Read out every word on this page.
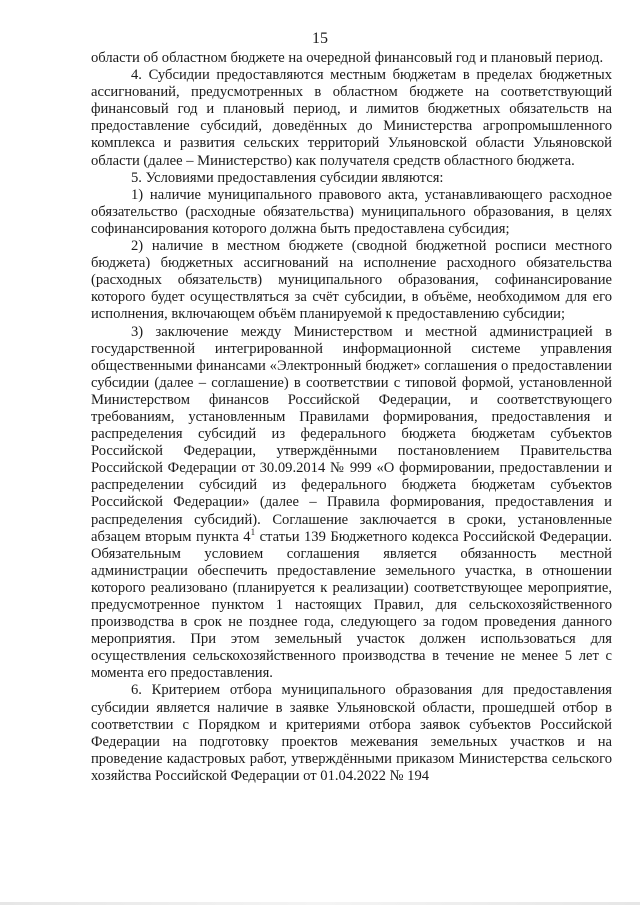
15

области об областном бюджете на очередной финансовый год и плановый период.

4. Субсидии предоставляются местным бюджетам в пределах бюджетных ассигнований, предусмотренных в областном бюджете на соответствующий финансовый год и плановый период, и лимитов бюджетных обязательств на предоставление субсидий, доведённых до Министерства агропромышленного комплекса и развития сельских территорий Ульяновской области Ульяновской области (далее – Министерство) как получателя средств областного бюджета.

5. Условиями предоставления субсидии являются:

1) наличие муниципального правового акта, устанавливающего расходное обязательство (расходные обязательства) муниципального образования, в целях софинансирования которого должна быть предоставлена субсидия;

2) наличие в местном бюджете (сводной бюджетной росписи местного бюджета) бюджетных ассигнований на исполнение расходного обязательства (расходных обязательств) муниципального образования, софинансирование которого будет осуществляться за счёт субсидии, в объёме, необходимом для его исполнения, включающем объём планируемой к предоставлению субсидии;

3) заключение между Министерством и местной администрацией в государственной интегрированной информационной системе управления общественными финансами «Электронный бюджет» соглашения о предоставлении субсидии (далее – соглашение) в соответствии с типовой формой, установленной Министерством финансов Российской Федерации, и соответствующего требованиям, установленным Правилами формирования, предоставления и распределения субсидий из федерального бюджета бюджетам субъектов Российской Федерации, утверждёнными постановлением Правительства Российской Федерации от 30.09.2014 № 999 «О формировании, предоставлении и распределении субсидий из федерального бюджета бюджетам субъектов Российской Федерации» (далее – Правила формирования, предоставления и распределения субсидий). Соглашение заключается в сроки, установленные абзацем вторым пункта $4^1$ статьи 139 Бюджетного кодекса Российской Федерации. Обязательным условием соглашения является обязанность местной администрации обеспечить предоставление земельного участка, в отношении которого реализовано (планируется к реализации) соответствующее мероприятие, предусмотренное пунктом 1 настоящих Правил, для сельскохозяйственного производства в срок не позднее года, следующего за годом проведения данного мероприятия. При этом земельный участок должен использоваться для осуществления сельскохозяйственного производства в течение не менее 5 лет с момента его предоставления.

6. Критерием отбора муниципального образования для предоставления субсидии является наличие в заявке Ульяновской области, прошедшей отбор в соответствии с Порядком и критериями отбора заявок субъектов Российской Федерации на подготовку проектов межевания земельных участков и на проведение кадастровых работ, утверждёнными приказом Министерства сельского хозяйства Российской Федерации от 01.04.2022 № 194
